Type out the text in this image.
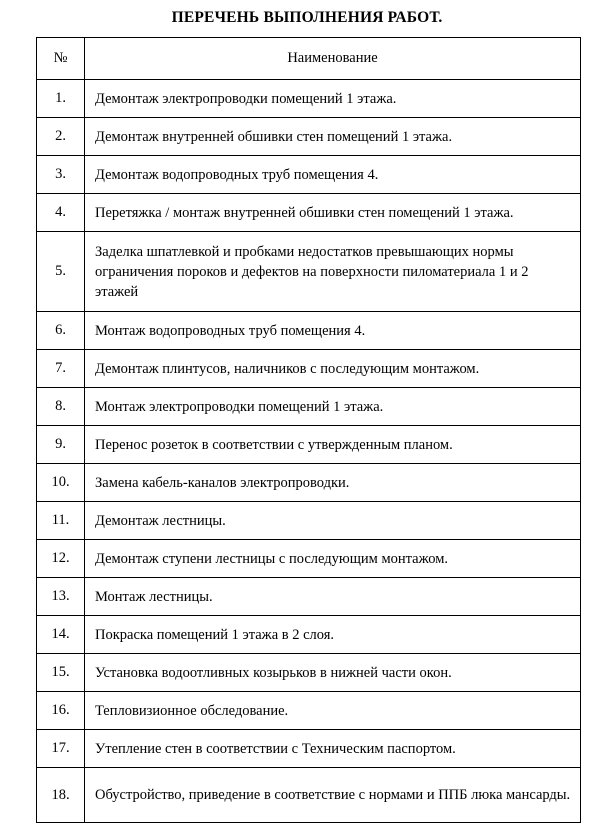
ПЕРЕЧЕНЬ ВЫПОЛНЕНИЯ РАБОТ.
№	Наименование
1.	Демонтаж электропроводки помещений 1 этажа.
2.	Демонтаж внутренней обшивки стен помещений 1 этажа.
3.	Демонтаж водопроводных труб помещения 4.
4.	Перетяжка / монтаж внутренней обшивки стен помещений 1 этажа.
5.	Заделка шпатлевкой и пробками недостатков превышающих нормы ограничения пороков и дефектов на поверхности пиломатериала 1 и 2 этажей
6.	Монтаж водопроводных труб помещения 4.
7.	Демонтаж плинтусов, наличников с последующим монтажом.
8.	Монтаж электропроводки помещений 1 этажа.
9.	Перенос розеток в соответствии с утвержденным планом.
10.	Замена кабель-каналов электропроводки.
11.	Демонтаж лестницы.
12.	Демонтаж ступени лестницы с последующим монтажом.
13.	Монтаж лестницы.
14.	Покраска помещений 1 этажа в 2 слоя.
15.	Установка водоотливных козырьков в нижней части окон.
16.	Тепловизионное обследование.
17.	Утепление стен в соответствии с Техническим паспортом.
18.	Обустройство, приведение в соответствие с нормами и ППБ люка мансарды.
